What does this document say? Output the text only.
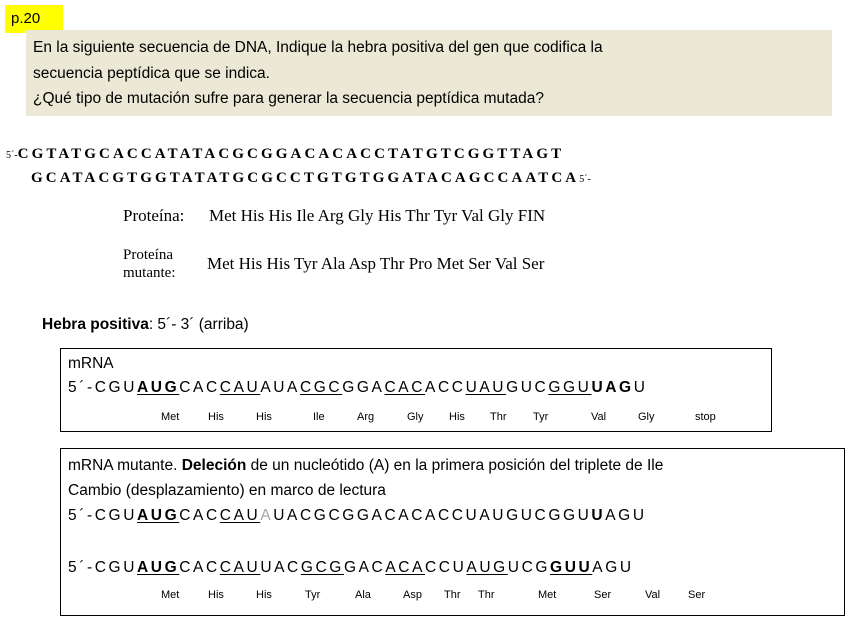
p.20
En la siguiente secuencia de DNA, Indique la hebra positiva del gen que codifica la
secuencia peptídica que se indica.
¿Qué tipo de mutación sufre para generar la secuencia peptídica mutada?
5´-CGTATGCACCATATACGCGGACACACCTATGTCGGTTAGT
GCATACGTGGTATATGCGCCTGTGTGGATACAGCCAATCA5´-
Proteína: Met His His Ile Arg Gly His Thr Tyr Val Gly FIN
Proteína
mutante: Met His His Tyr Ala Asp Thr Pro Met Ser Val Ser
Hebra positiva: 5´- 3´ (arriba)
mRNA
5´-CGUAUGCACCAUAUACGCGGACACACCUAUGUCGGUUAGU
Met	His	His	Ile	Arg	Gly His Thr Tyr	Val	Gly	stop
mRNA mutante. Deleción de un nucleótido (A) en la primera posición del triplete de Ile
Cambio (desplazamiento) en marco de lectura
5´-CGUAUGCACCAUAUACGCGGACACACCUAUGUCGGUUAGU
5´-CGUAUGCACCAUUACGCGGACACACCUAUGUCGGUUAGU
Met	His	His	Tyr	Ala	Asp Thr Thr	Met	Ser	Val	Ser
